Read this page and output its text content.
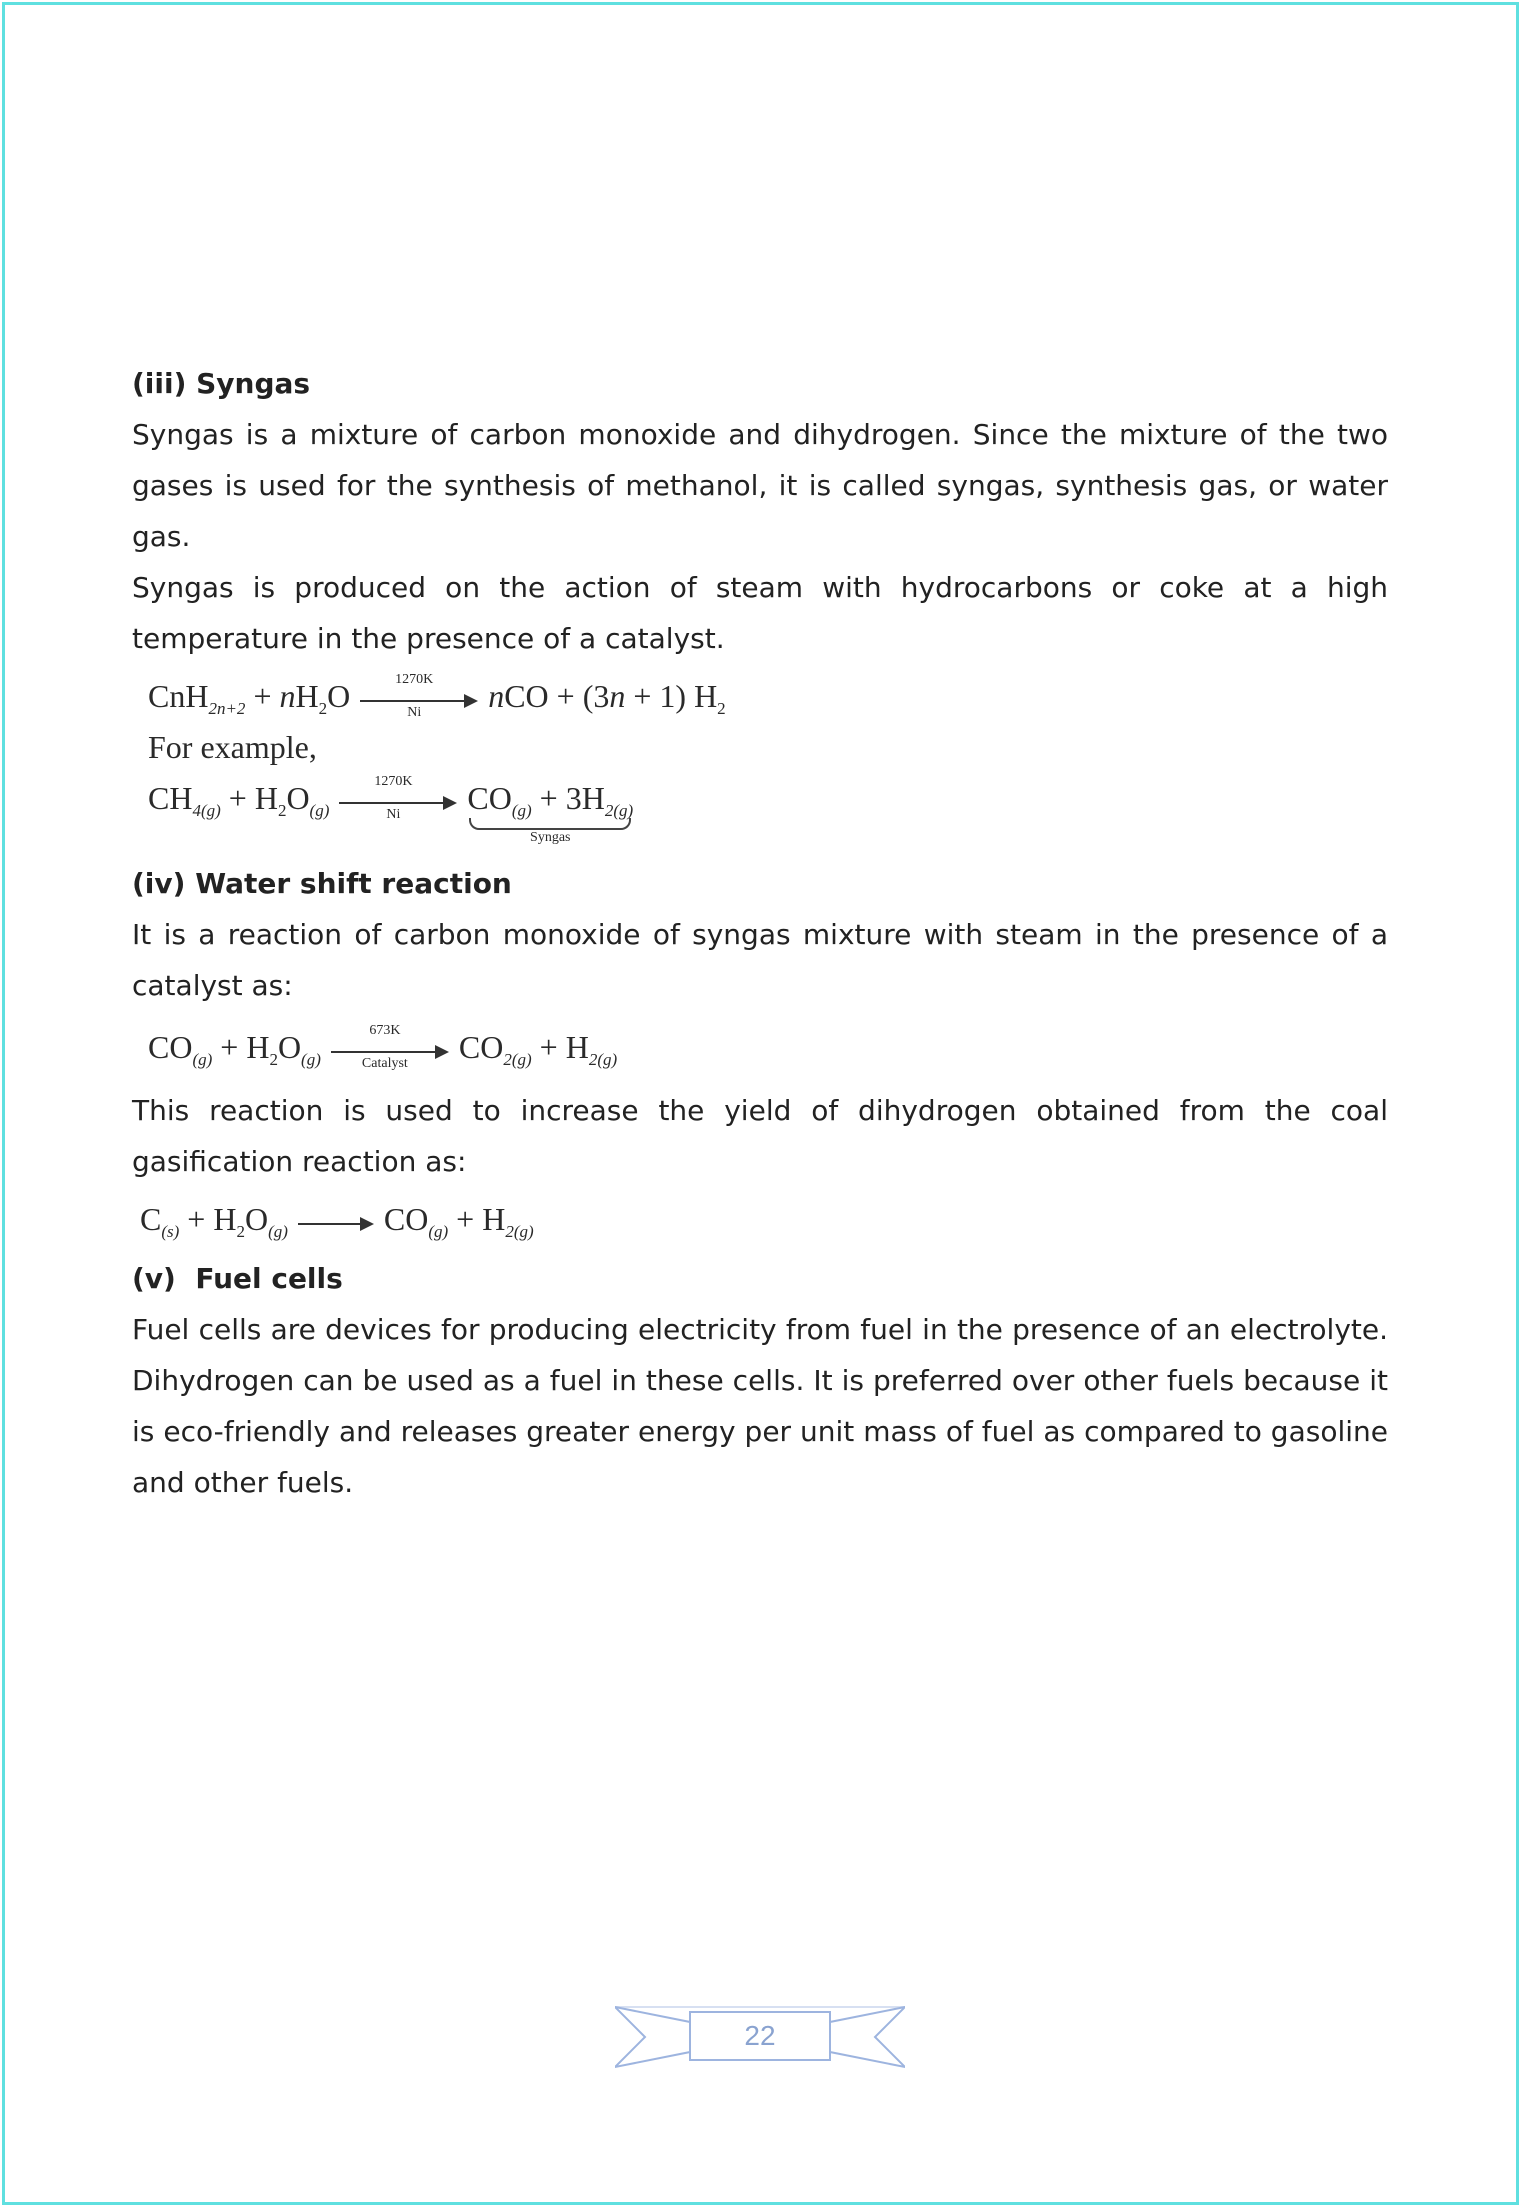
(iii) Syngas

Syngas is a mixture of carbon monoxide and dihydrogen. Since the mixture of the two gases is used for the synthesis of methanol, it is called syngas, synthesis gas, or water gas.

Syngas is produced on the action of steam with hydrocarbons or coke at a high temperature in the presence of a catalyst.

$CnH_{2n+2} + nH_2O \frac{1270K}{Ni}$ nCO + (3n + 1) $H_2$
For example,
$CH_{4(g)} + H_2O_{(g)} \frac{1270K}{Ni} CO_{(g)} + 3H_{2(g)}$
Syngas
(iv) Water shift reaction

It is a reaction of carbon monoxide of syngas mixture with steam in the presence of a catalyst as:

$CO_{(g)} + H_2O_{(g)}$
673K
Catalyst	$CO_{2(g)} + H_{2(g)}$

This reaction is used to increase the yield of dihydrogen obtained from the coal gasification reaction as:

$C_{(s)} + H_2O_{(g)}$	$CO_{(g)} + H_{2(g)}$
(v)  Fuel cells

Fuel cells are devices for producing electricity from fuel in the presence of an electrolyte. Dihydrogen can be used as a fuel in these cells. It is preferred over other fuels because it is eco-friendly and releases greater energy per unit mass of fuel as compared to gasoline and other fuels.

22
